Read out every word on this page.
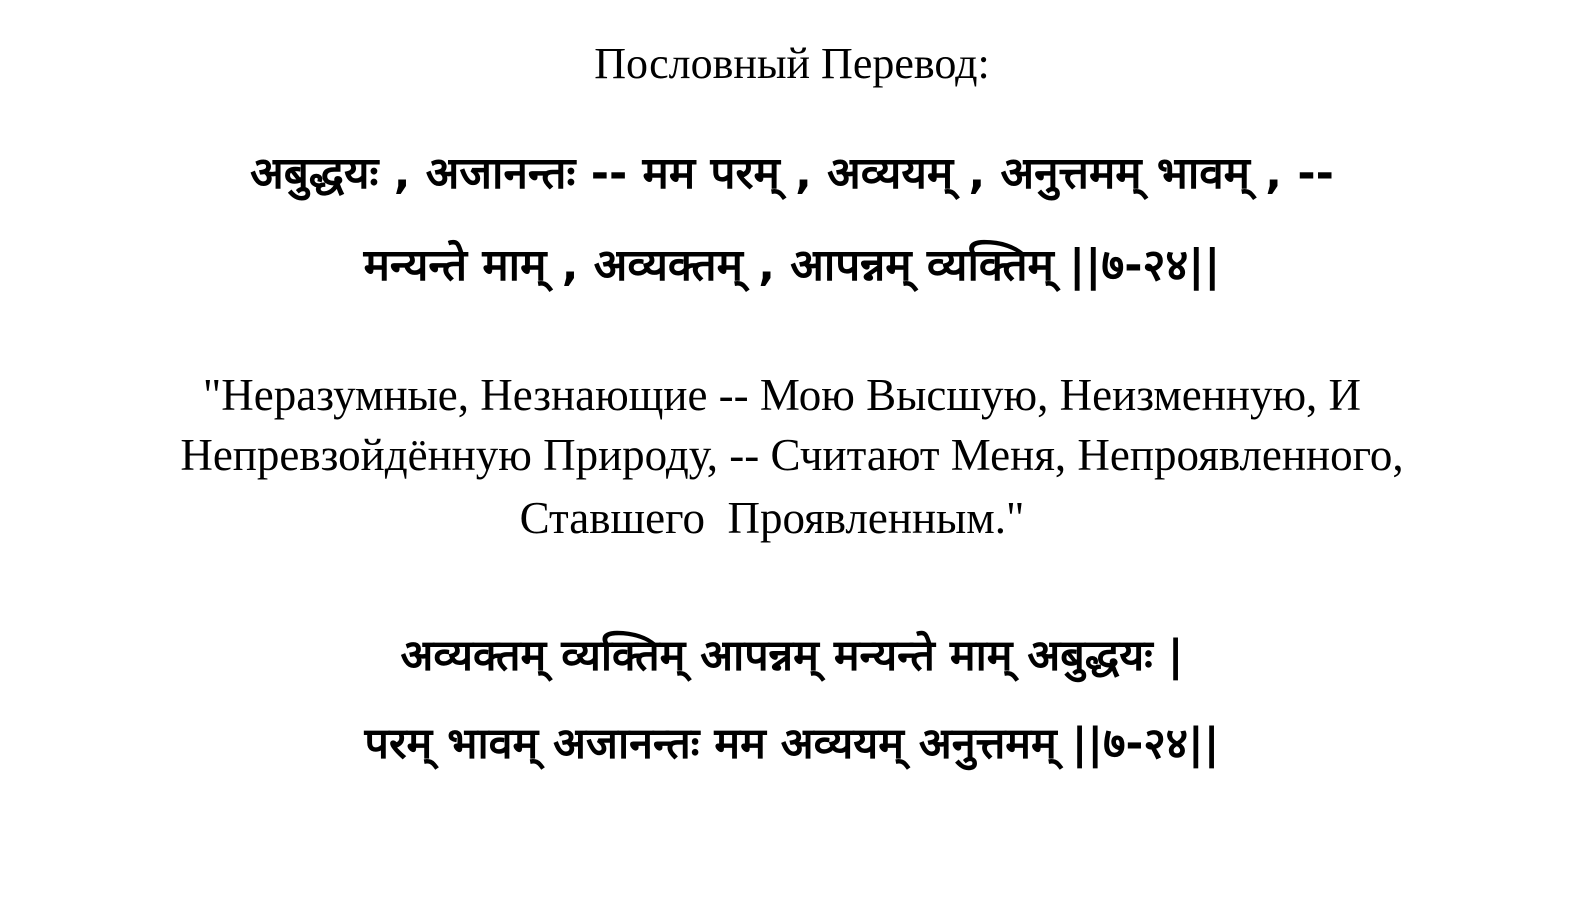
Пословный Перевод:
अबुद्धयः , अजानन्तः -- मम परम् , अव्ययम् , अनुत्तमम् भावम् , --
मन्यन्ते माम् , अव्यक्तम् , आपन्नम् व्यक्तिम् ||७-२४||
"Неразумные, Незнающие -- Мою Высшую, Неизменную, И
Непревзойдённую Природу, -- Считают Меня, Непроявленного,
Ставшего  Проявленным."
अव्यक्तम् व्यक्तिम् आपन्नम् मन्यन्ते माम् अबुद्धयः |
परम् भावम् अजानन्तः मम अव्ययम् अनुत्तमम् ||७-२४||
